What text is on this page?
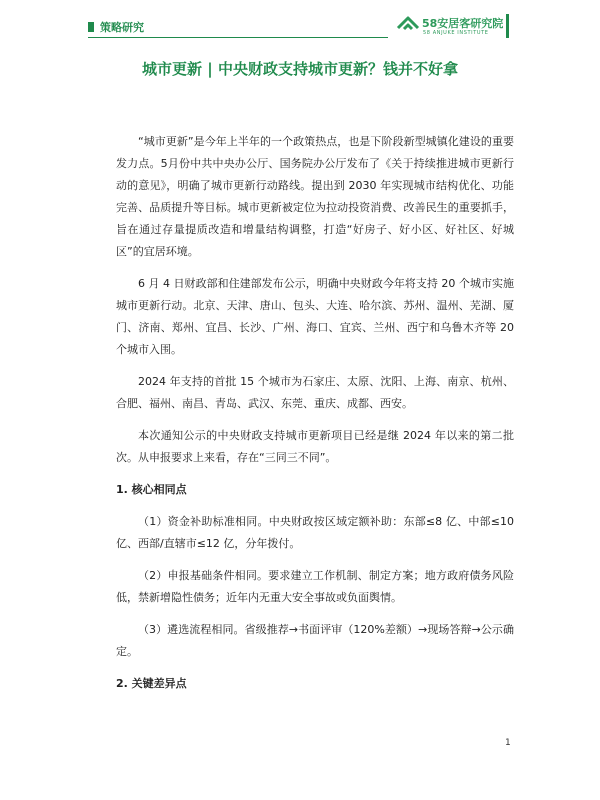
策略研究	58安居客研究院
58 ANJUKE INSTITUTE
城市更新 | 中央财政支持城市更新？钱并不好拿

“城市更新”是今年上半年的一个政策热点，也是下阶段新型城镇化建设的重要发力点。5月份中共中央办公厅、国务院办公厅发布了《关于持续推进城市更新行动的意见》，明确了城市更新行动路线。提出到 2030 年实现城市结构优化、功能完善、品质提升等目标。城市更新被定位为拉动投资消费、改善民生的重要抓手，旨在通过存量提质改造和增量结构调整，打造“好房子、好小区、好社区、好城区”的宜居环境。

6 月 4 日财政部和住建部发布公示，明确中央财政今年将支持 20 个城市实施城市更新行动。北京、天津、唐山、包头、大连、哈尔滨、苏州、温州、芜湖、厦门、济南、郑州、宜昌、长沙、广州、海口、宜宾、兰州、西宁和乌鲁木齐等 20 个城市入围。

2024 年支持的首批 15 个城市为石家庄、太原、沈阳、上海、南京、杭州、合肥、福州、南昌、青岛、武汉、东莞、重庆、成都、西安。

本次通知公示的中央财政支持城市更新项目已经是继 2024 年以来的第二批次。从申报要求上来看，存在“三同三不同”。

1. 核心相同点

（1）资金补助标准相同。中央财政按区域定额补助：东部≤8 亿、中部≤10 亿、西部/直辖市≤12 亿，分年拨付。

（2）申报基础条件相同。要求建立工作机制、制定方案；地方政府债务风险低，禁新增隐性债务；近年内无重大安全事故或负面舆情。

（3）遴选流程相同。省级推荐→书面评审（120%差额）→现场答辩→公示确定。

2. 关键差异点
1
